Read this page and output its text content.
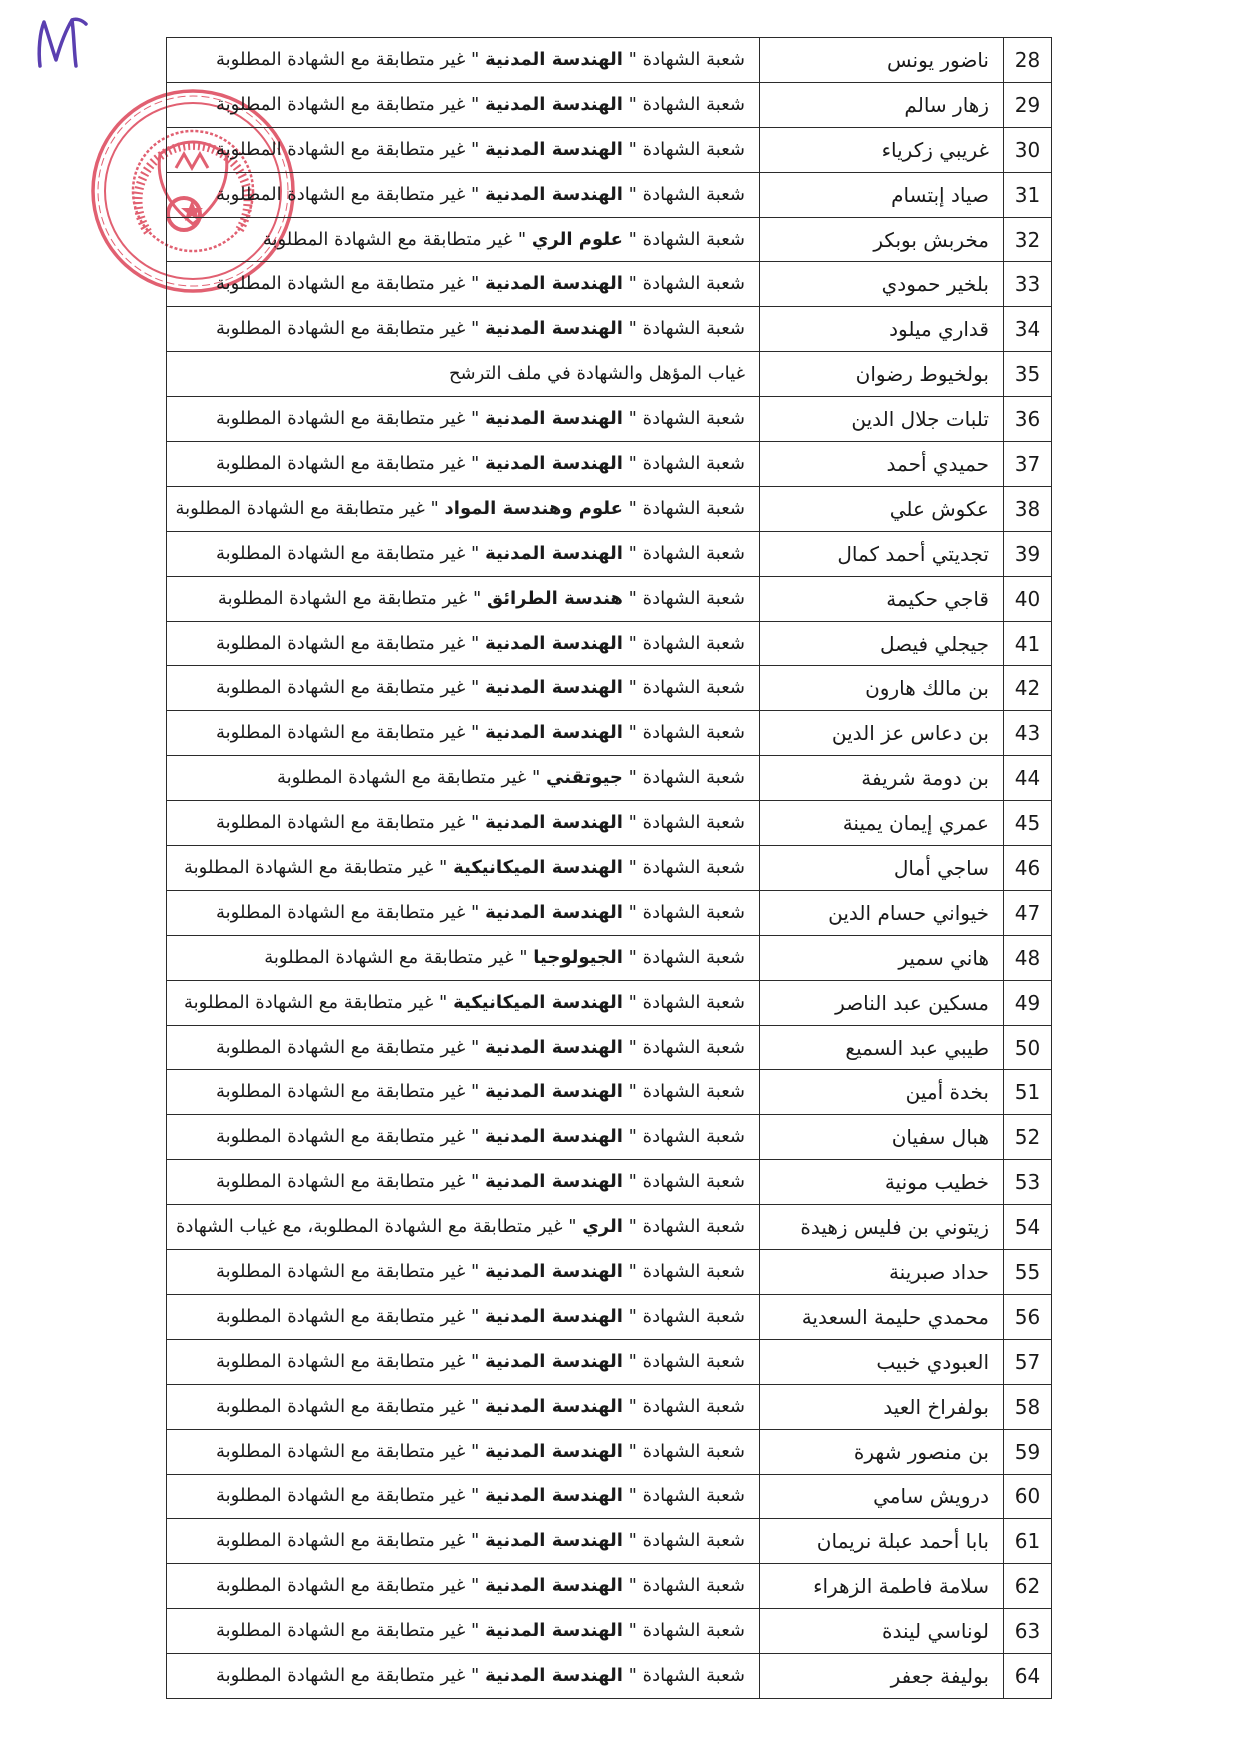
28	ناضور يونس	شعبة الشهادة " الهندسة المدنية " غير متطابقة مع الشهادة المطلوبة
29	زهار سالم	شعبة الشهادة " الهندسة المدنية " غير متطابقة مع الشهادة المطلوبة
30	غريبي زكرياء	شعبة الشهادة " الهندسة المدنية " غير متطابقة مع الشهادة المطلوبة
31	صياد إبتسام	شعبة الشهادة " الهندسة المدنية " غير متطابقة مع الشهادة المطلوبة
32	مخربش بوبكر	شعبة الشهادة " علوم الري " غير متطابقة مع الشهادة المطلوبة
33	بلخير حمودي	شعبة الشهادة " الهندسة المدنية " غير متطابقة مع الشهادة المطلوبة
34	قداري ميلود	شعبة الشهادة " الهندسة المدنية " غير متطابقة مع الشهادة المطلوبة
35	بولخيوط رضوان	غياب المؤهل والشهادة في ملف الترشح
36	تلبات جلال الدين	شعبة الشهادة " الهندسة المدنية " غير متطابقة مع الشهادة المطلوبة
37	حميدي أحمد	شعبة الشهادة " الهندسة المدنية " غير متطابقة مع الشهادة المطلوبة
38	عكوش علي	شعبة الشهادة " علوم وهندسة المواد " غير متطابقة مع الشهادة المطلوبة
39	تجديتي أحمد كمال	شعبة الشهادة " الهندسة المدنية " غير متطابقة مع الشهادة المطلوبة
40	قاجي حكيمة	شعبة الشهادة " هندسة الطرائق " غير متطابقة مع الشهادة المطلوبة
41	جيجلي فيصل	شعبة الشهادة " الهندسة المدنية " غير متطابقة مع الشهادة المطلوبة
42	بن مالك هارون	شعبة الشهادة " الهندسة المدنية " غير متطابقة مع الشهادة المطلوبة
43	بن دعاس عز الدين	شعبة الشهادة " الهندسة المدنية " غير متطابقة مع الشهادة المطلوبة
44	بن دومة شريفة	شعبة الشهادة " جيوتقني " غير متطابقة مع الشهادة المطلوبة
45	عمري إيمان يمينة	شعبة الشهادة " الهندسة المدنية " غير متطابقة مع الشهادة المطلوبة
46	ساجي أمال	شعبة الشهادة " الهندسة الميكانيكية " غير متطابقة مع الشهادة المطلوبة
47	خيواني حسام الدين	شعبة الشهادة " الهندسة المدنية " غير متطابقة مع الشهادة المطلوبة
48	هاني سمير	شعبة الشهادة " الجيولوجيا " غير متطابقة مع الشهادة المطلوبة
49	مسكين عبد الناصر	شعبة الشهادة " الهندسة الميكانيكية " غير متطابقة مع الشهادة المطلوبة
50	طيبي عبد السميع	شعبة الشهادة " الهندسة المدنية " غير متطابقة مع الشهادة المطلوبة
51	بخدة أمين	شعبة الشهادة " الهندسة المدنية " غير متطابقة مع الشهادة المطلوبة
52	هبال سفيان	شعبة الشهادة " الهندسة المدنية " غير متطابقة مع الشهادة المطلوبة
53	خطيب مونية	شعبة الشهادة " الهندسة المدنية " غير متطابقة مع الشهادة المطلوبة
54	زيتوني بن فليس زهيدة	شعبة الشهادة " الري " غير متطابقة مع الشهادة المطلوبة، مع غياب الشهادة
55	حداد صبرينة	شعبة الشهادة " الهندسة المدنية " غير متطابقة مع الشهادة المطلوبة
56	محمدي حليمة السعدية	شعبة الشهادة " الهندسة المدنية " غير متطابقة مع الشهادة المطلوبة
57	العبودي خبيب	شعبة الشهادة " الهندسة المدنية " غير متطابقة مع الشهادة المطلوبة
58	بولفراخ العيد	شعبة الشهادة " الهندسة المدنية " غير متطابقة مع الشهادة المطلوبة
59	بن منصور شهرة	شعبة الشهادة " الهندسة المدنية " غير متطابقة مع الشهادة المطلوبة
60	درويش سامي	شعبة الشهادة " الهندسة المدنية " غير متطابقة مع الشهادة المطلوبة
61	بابا أحمد عبلة نريمان	شعبة الشهادة " الهندسة المدنية " غير متطابقة مع الشهادة المطلوبة
62	سلامة فاطمة الزهراء	شعبة الشهادة " الهندسة المدنية " غير متطابقة مع الشهادة المطلوبة
63	لوناسي ليندة	شعبة الشهادة " الهندسة المدنية " غير متطابقة مع الشهادة المطلوبة
64	بوليفة جعفر	شعبة الشهادة " الهندسة المدنية " غير متطابقة مع الشهادة المطلوبة
